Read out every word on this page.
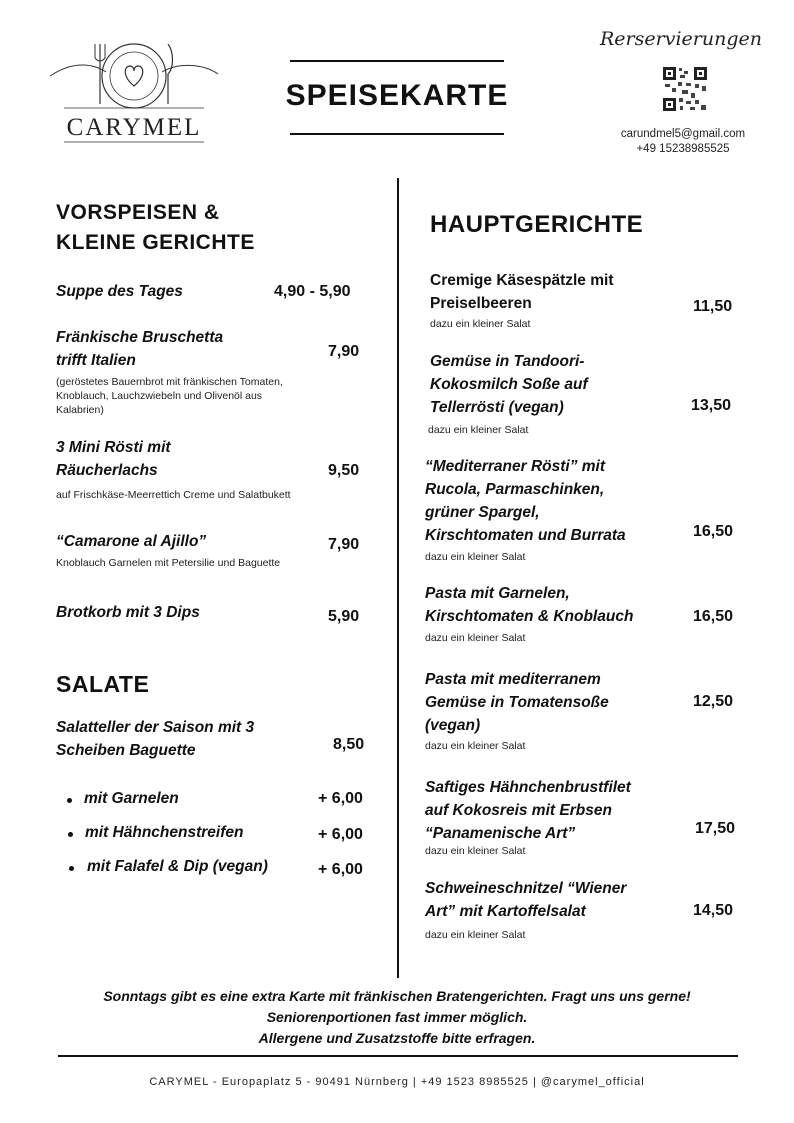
CARYMEL
SPEISEKARTE
Rerservierungen
carundmel5@gmail.com
+49 15238985525
VORSPEISEN &
KLEINE GERICHTE
Suppe des Tages	4,90 - 5,90
Fränkische Bruschetta
trifft Italien
7,90
(geröstetes Bauernbrot mit fränkischen Tomaten,
Knoblauch, Lauchzwiebeln und Olivenöl aus
Kalabrien)
3 Mini Rösti mit
Räucherlachs	9,50
auf Frischkäse-Meerrettich Creme und Salatbukett
“Camarone al Ajillo”	7,90
Knoblauch Garnelen mit Petersilie und Baguette
Brotkorb mit 3 Dips	5,90
SALATE
Salatteller der Saison mit 3
Scheiben Baguette	8,50
mit Garnelen	+ 6,00
mit Hähnchenstreifen	+ 6,00
mit Falafel & Dip (vegan)	+ 6,00
HAUPTGERICHTE
Cremige Käsespätzle mit
Preiselbeeren
dazu ein kleiner Salat
11,50
Gemüse in Tandoori-
Kokosmilch Soße auf
Tellerrösti (vegan)
dazu ein kleiner Salat
13,50
“Mediterraner Rösti” mit
Rucola, Parmaschinken,
grüner Spargel,
Kirschtomaten und Burrata
dazu ein kleiner Salat
16,50
Pasta mit Garnelen,
Kirschtomaten & Knoblauch
dazu ein kleiner Salat
16,50
Pasta mit mediterranem
Gemüse in Tomatensoße
(vegan)
dazu ein kleiner Salat
12,50
Saftiges Hähnchenbrustfilet
auf Kokosreis mit Erbsen
“Panamenische Art”
dazu ein kleiner Salat
17,50
Schweineschnitzel “Wiener
Art” mit Kartoffelsalat
dazu ein kleiner Salat
14,50
Sonntags gibt es eine extra Karte mit fränkischen Bratengerichten. Fragt uns uns gerne!
Seniorenportionen fast immer möglich.
Allergene und Zusatzstoffe bitte erfragen.
CARYMEL - Europaplatz 5 - 90491 Nürnberg | +49 1523 8985525 | @carymel_official
